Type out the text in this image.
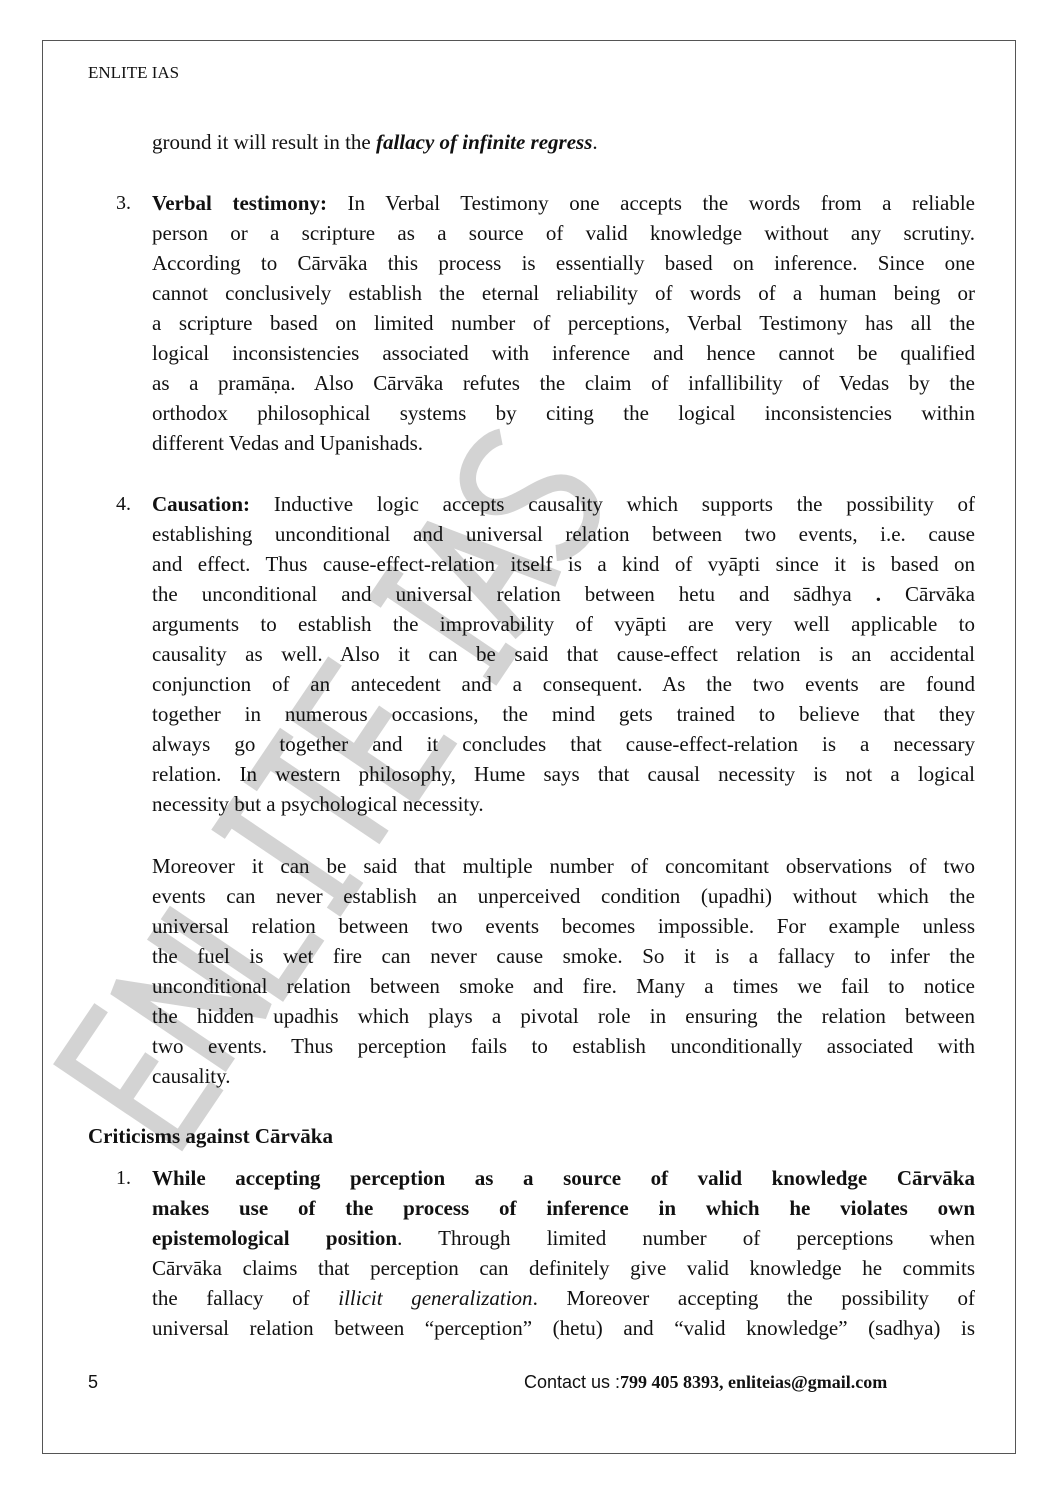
ENLITE IAS
ground it will result in the fallacy of infinite regress.
3.	Verbal testimony: In Verbal Testimony one accepts the words from a reliable
person or a scripture as a source of valid knowledge without any scrutiny.
According to Cārvāka this process is essentially based on inference. Since one
cannot conclusively establish the eternal reliability of words of a human being or
a scripture based on limited number of perceptions, Verbal Testimony has all the
logical inconsistencies associated with inference and hence cannot be qualified
as a pramāṇa. Also Cārvāka refutes the claim of infallibility of Vedas by the
orthodox philosophical systems by citing the logical inconsistencies within
different Vedas and Upanishads.
4.	Causation: Inductive logic accepts causality which supports the possibility of
establishing unconditional and universal relation between two events, i.e. cause
and effect. Thus cause-effect-relation itself is a kind of vyāpti since it is based on
the unconditional and universal relation between hetu and sādhya . Cārvāka
arguments to establish the improvability of vyāpti are very well applicable to
causality as well. Also it can be said that cause-effect relation is an accidental
conjunction of an antecedent and a consequent. As the two events are found
together in numerous occasions, the mind gets trained to believe that they
always go together and it concludes that cause-effect-relation is a necessary
relation. In western philosophy, Hume says that causal necessity is not a logical
necessity but a psychological necessity.
Moreover it can be said that multiple number of concomitant observations of two
events can never establish an unperceived condition (upadhi) without which the
universal relation between two events becomes impossible. For example unless
the fuel is wet fire can never cause smoke. So it is a fallacy to infer the
unconditional relation between smoke and fire. Many a times we fail to notice
the hidden upadhis which plays a pivotal role in ensuring the relation between
two events. Thus perception fails to establish unconditionally associated with
causality.
1.	While accepting perception as a source of valid knowledge Cārvāka
makes use of the process of inference in which he violates own
epistemological position. Through limited number of perceptions when
Cārvāka claims that perception can definitely give valid knowledge he commits
the fallacy of illicit generalization. Moreover accepting the possibility of
universal relation between “perception” (hetu) and “valid knowledge” (sadhya) is
Criticisms against Cārvāka
5	Contact us :799 405 8393, enliteias@gmail.com
